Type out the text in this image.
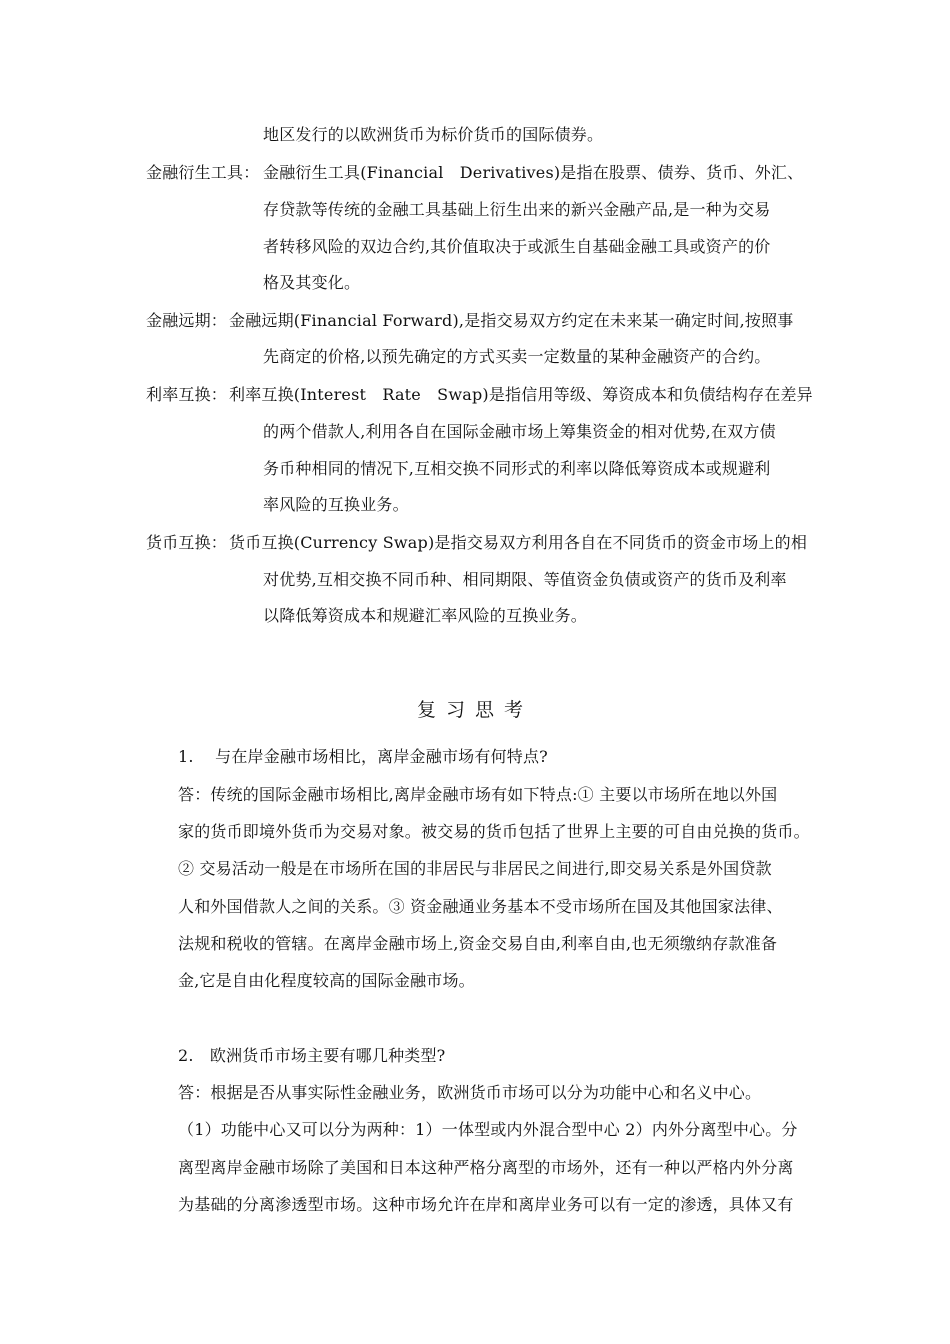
地区发行的以欧洲货币为标价货币的国际债券。
金融衍生工具： 金融衍生工具(Financial　Derivatives)是指在股票、债券、货币、外汇、
存贷款等传统的金融工具基础上衍生出来的新兴金融产品,是一种为交易
者转移风险的双边合约,其价值取决于或派生自基础金融工具或资产的价
格及其变化。
金融远期： 金融远期(Financial Forward),是指交易双方约定在未来某一确定时间,按照事
先商定的价格,以预先确定的方式买卖一定数量的某种金融资产的合约。
利率互换： 利率互换(Interest　Rate　Swap)是指信用等级、筹资成本和负债结构存在差异
的两个借款人,利用各自在国际金融市场上筹集资金的相对优势,在双方债
务币种相同的情况下,互相交换不同形式的利率以降低筹资成本或规避利
率风险的互换业务。
货币互换： 货币互换(Currency Swap)是指交易双方利用各自在不同货币的资金市场上的相
对优势,互相交换不同币种、相同期限、等值资金负债或资产的货币及利率
以降低筹资成本和规避汇率风险的互换业务。
复习思考
1.　 与在岸金融市场相比，离岸金融市场有何特点?
答：传统的国际金融市场相比,离岸金融市场有如下特点:① 主要以市场所在地以外国
家的货币即境外货币为交易对象。被交易的货币包括了世界上主要的可自由兑换的货币。
② 交易活动一般是在市场所在国的非居民与非居民之间进行,即交易关系是外国贷款
人和外国借款人之间的关系。③ 资金融通业务基本不受市场所在国及其他国家法律、
法规和税收的管辖。在离岸金融市场上,资金交易自由,利率自由,也无须缴纳存款准备
金,它是自由化程度较高的国际金融市场。
2.　欧洲货币市场主要有哪几种类型?
答：根据是否从事实际性金融业务，欧洲货币市场可以分为功能中心和名义中心。
（1）功能中心又可以分为两种：1）一体型或内外混合型中心 2）内外分离型中心。分
离型离岸金融市场除了美国和日本这种严格分离型的市场外，还有一种以严格内外分离
为基础的分离渗透型市场。这种市场允许在岸和离岸业务可以有一定的渗透，具体又有
